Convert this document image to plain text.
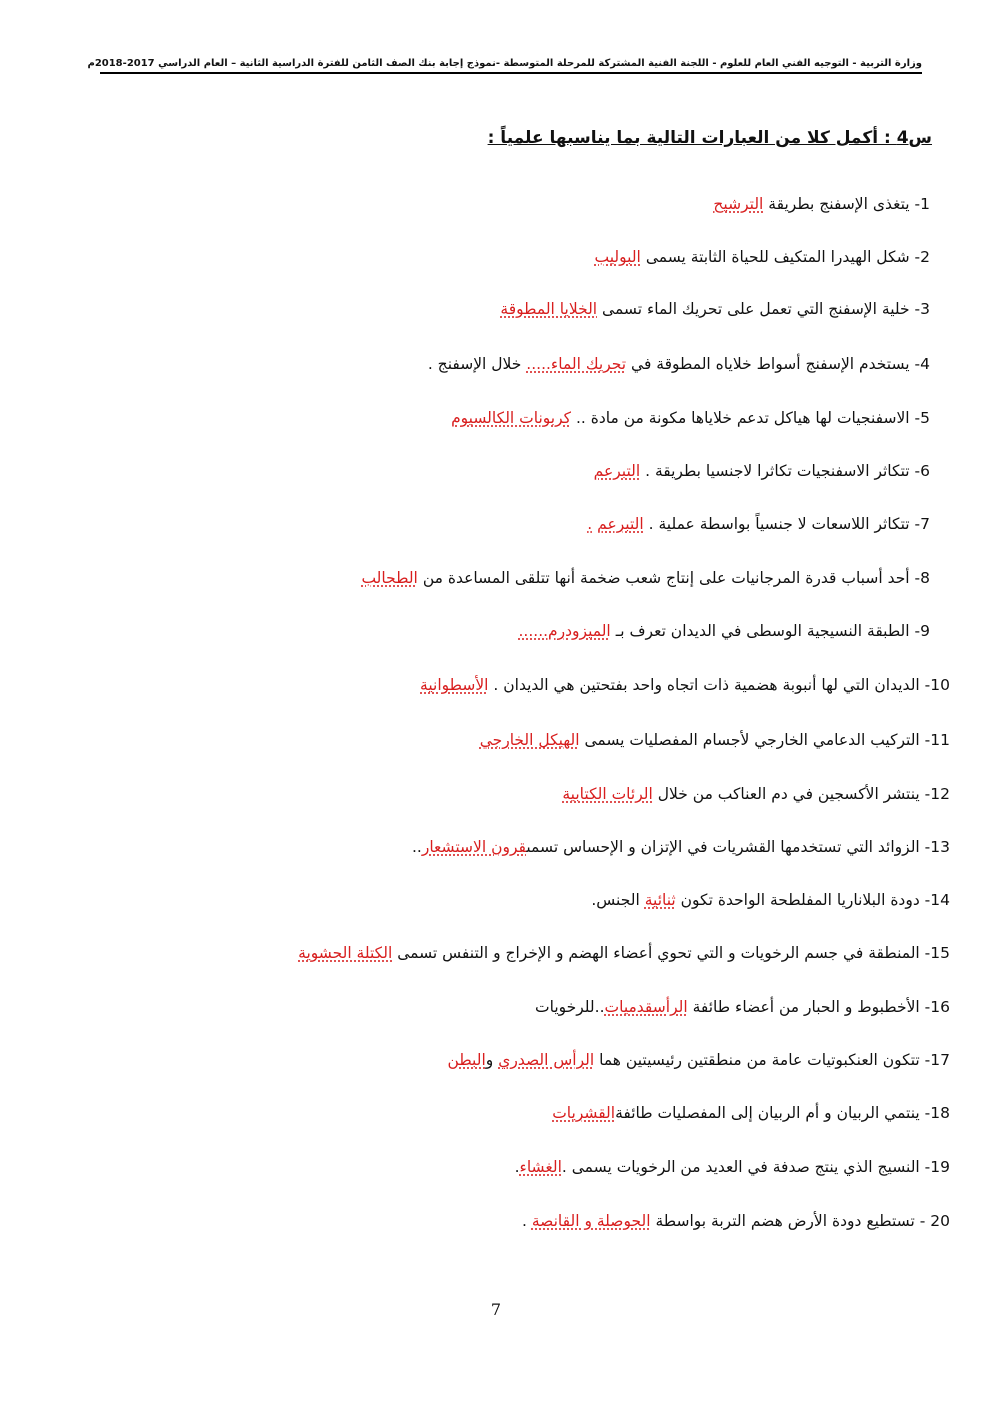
وزارة التربية - التوجيه الفني العام للعلوم - اللجنة الفنية المشتركة للمرحلة المتوسطة -نموذج إجابة بنك الصف الثامن للفترة الدراسية الثانية – العام الدراسي 2017-2018م
س4 : أكمل كلا من العبارات التالية بما يناسبها علمياً :
1- يتغذى الإسفنج بطريقة الترشيح
2- شكل الهيدرا المتكيف للحياة الثابتة يسمى البوليب
3- خلية الإسفنج التي تعمل على تحريك الماء تسمى الخلايا المطوقة
4- يستخدم الإسفنج أسواط خلاياه المطوقة في تحريك الماء..... خلال الإسفنج .
5- الاسفنجيات لها هياكل تدعم خلاياها مكونة من مادة .. كربونات الكالسيوم
6- تتكاثر الاسفنجيات تكاثرا لاجنسيا بطريقة . التبرعم
7- تتكاثر اللاسعات لا جنسياً بواسطة عملية . التبرعم .
8- أحد أسباب قدرة المرجانيات على إنتاج شعب ضخمة أنها تتلقى المساعدة من الطحالب
9- الطبقة النسيجية الوسطى في الديدان تعرف بـ الميزودرم......
10- الديدان التي لها أنبوبة هضمية ذات اتجاه واحد بفتحتين هي الديدان . الأسطوانية
11- التركيب الدعامي الخارجي لأجسام المفصليات يسمى الهيكل الخارجي
12- ينتشر الأكسجين في دم العناكب من خلال الرئات الكتابية
13- الزوائد التي تستخدمها القشريات في الإتزان و الإحساس تسمىقرون الاستشعار..
14- دودة البلاناريا المفلطحة الواحدة تكون ثنائية الجنس.
15- المنطقة في جسم الرخويات و التي تحوي أعضاء الهضم و الإخراج و التنفس تسمى الكتلة الحشوية
16- الأخطبوط و الحبار من أعضاء طائفة الرأسقدميات..للرخويات
17- تتكون العنكبوتيات عامة من منطقتين رئيسيتين هما الرأس الصدري والبطن
18- ينتمي الربيان و أم الربيان إلى المفصليات طائفةالقشريات
19- النسيج الذي ينتج صدفة في العديد من الرخويات يسمى .الغشاء.
20 - تستطيع دودة الأرض هضم التربة بواسطة الحوصلة و القانصة .
7
